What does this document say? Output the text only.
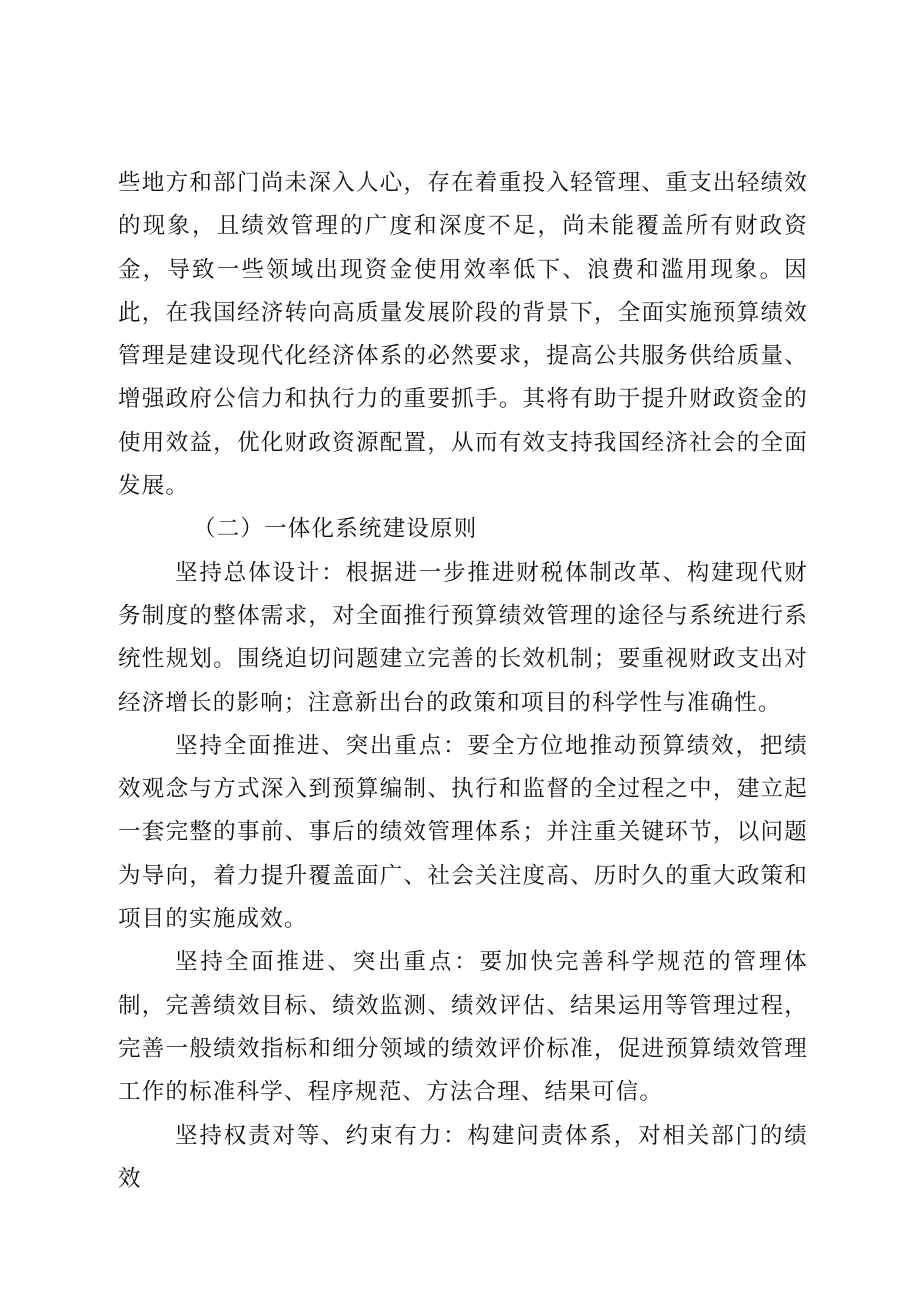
些地方和部门尚未深入人心，存在着重投入轻管理、重支出轻绩效的现象，且绩效管理的广度和深度不足，尚未能覆盖所有财政资金，导致一些领域出现资金使用效率低下、浪费和滥用现象。因此，在我国经济转向高质量发展阶段的背景下，全面实施预算绩效管理是建设现代化经济体系的必然要求，提高公共服务供给质量、增强政府公信力和执行力的重要抓手。其将有助于提升财政资金的使用效益，优化财政资源配置，从而有效支持我国经济社会的全面发展。

（二）一体化系统建设原则

坚持总体设计：根据进一步推进财税体制改革、构建现代财务制度的整体需求，对全面推行预算绩效管理的途径与系统进行系统性规划。围绕迫切问题建立完善的长效机制；要重视财政支出对经济增长的影响；注意新出台的政策和项目的科学性与准确性。

坚持全面推进、突出重点：要全方位地推动预算绩效，把绩效观念与方式深入到预算编制、执行和监督的全过程之中，建立起一套完整的事前、事后的绩效管理体系；并注重关键环节，以问题为导向，着力提升覆盖面广、社会关注度高、历时久的重大政策和项目的实施成效。

坚持全面推进、突出重点：要加快完善科学规范的管理体制，完善绩效目标、绩效监测、绩效评估、结果运用等管理过程，完善一般绩效指标和细分领域的绩效评价标准，促进预算绩效管理工作的标准科学、程序规范、方法合理、结果可信。

坚持权责对等、约束有力：构建问责体系，对相关部门的绩效
